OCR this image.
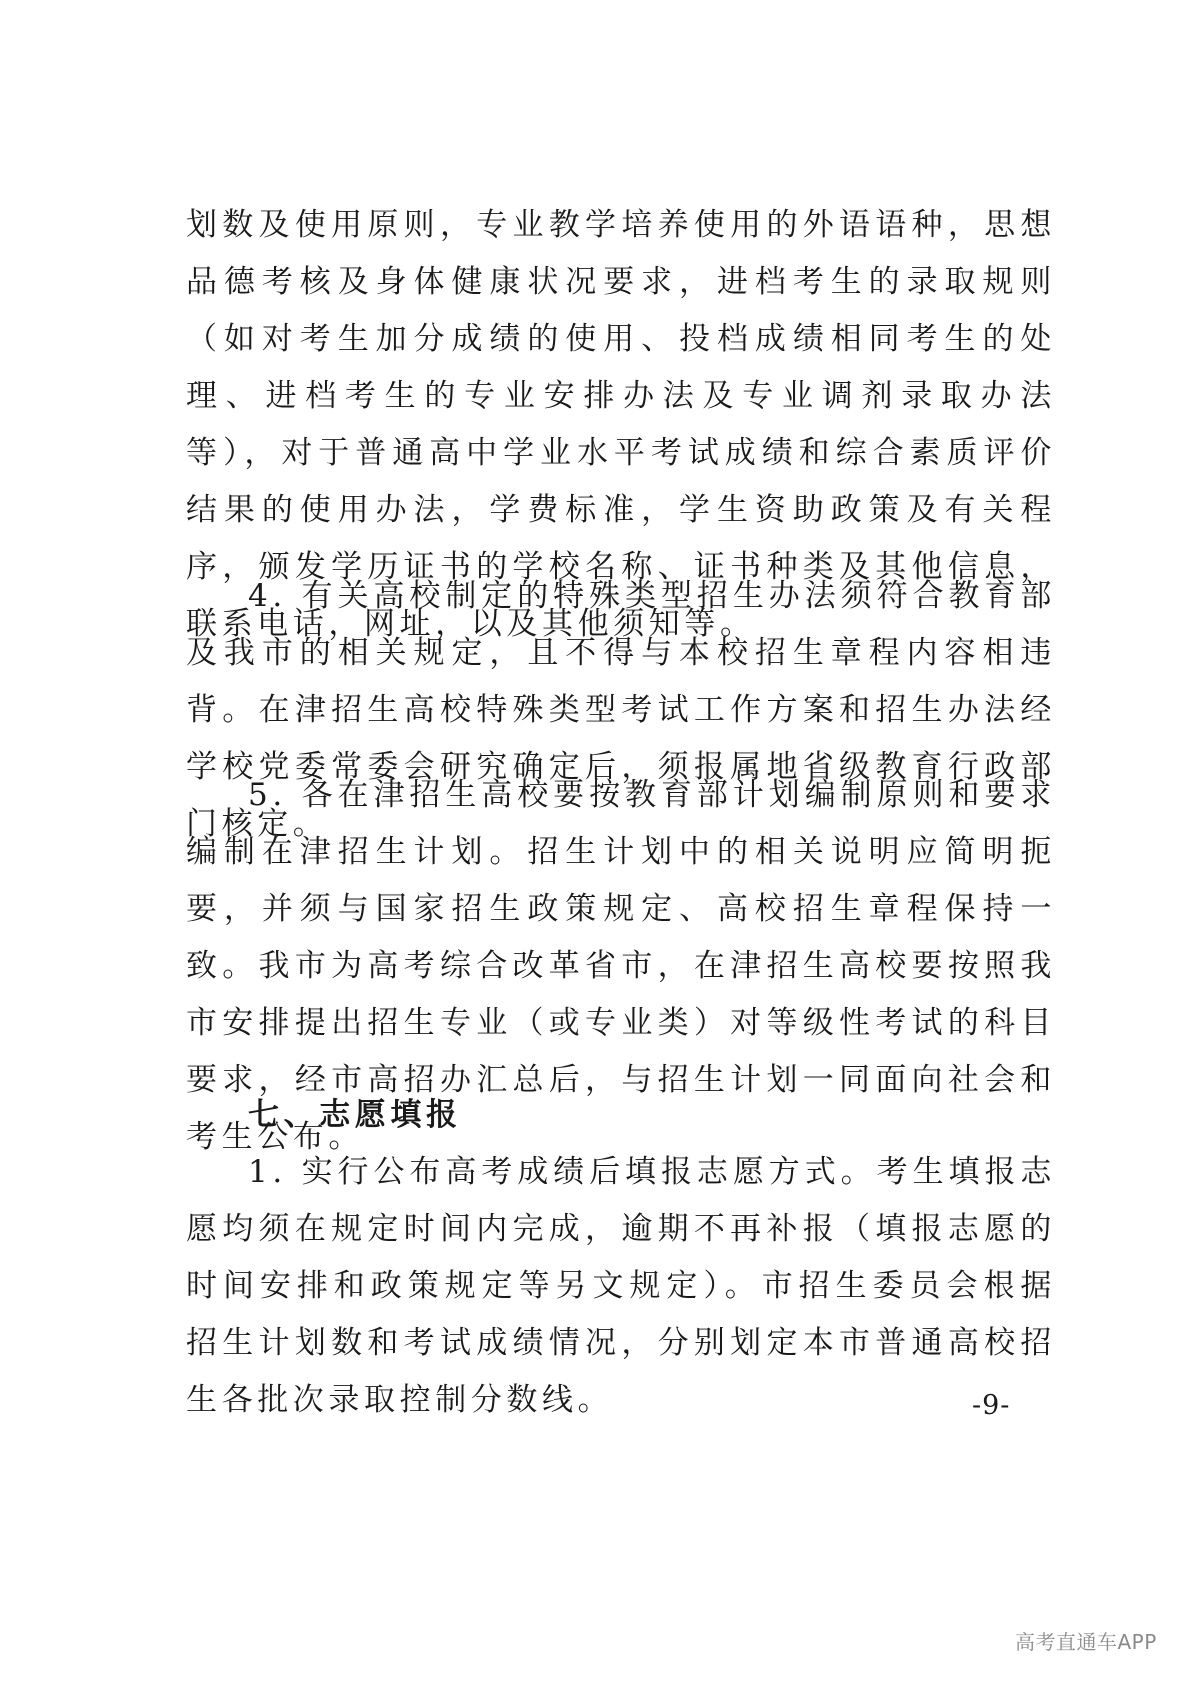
划数及使用原则，专业教学培养使用的外语语种，思想品德考核及身体健康状况要求，进档考生的录取规则（如对考生加分成绩的使用、投档成绩相同考生的处理、进档考生的专业安排办法及专业调剂录取办法等），对于普通高中学业水平考试成绩和综合素质评价结果的使用办法，学费标准，学生资助政策及有关程序，颁发学历证书的学校名称、证书种类及其他信息，联系电话，网址，以及其他须知等。

4. 有关高校制定的特殊类型招生办法须符合教育部及我市的相关规定，且不得与本校招生章程内容相违背。在津招生高校特殊类型考试工作方案和招生办法经学校党委常委会研究确定后，须报属地省级教育行政部门核定。

5. 各在津招生高校要按教育部计划编制原则和要求编制在津招生计划。招生计划中的相关说明应简明扼要，并须与国家招生政策规定、高校招生章程保持一致。我市为高考综合改革省市，在津招生高校要按照我市安排提出招生专业（或专业类）对等级性考试的科目要求，经市高招办汇总后，与招生计划一同面向社会和考生公布。

七、志愿填报

1. 实行公布高考成绩后填报志愿方式。考生填报志愿均须在规定时间内完成，逾期不再补报（填报志愿的时间安排和政策规定等另文规定）。市招生委员会根据招生计划数和考试成绩情况，分别划定本市普通高校招生各批次录取控制分数线。	-9-
高考直通车APP
